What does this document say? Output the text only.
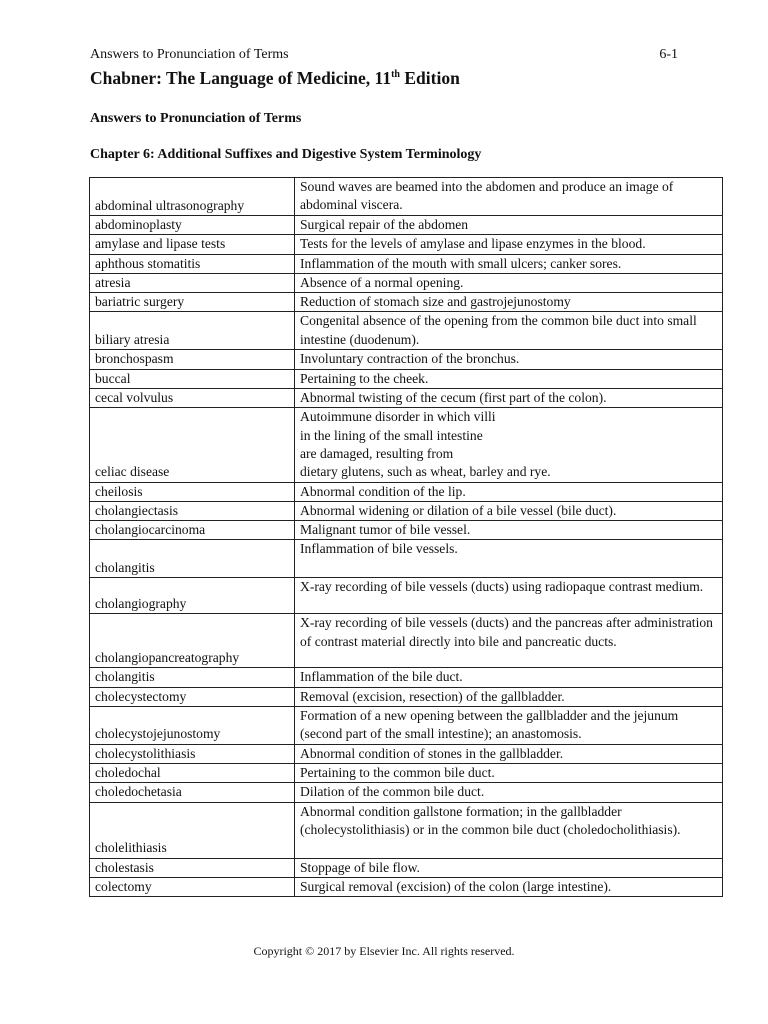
Answers to Pronunciation of Terms	6-1
Chabner: The Language of Medicine, 11th Edition
Answers to Pronunciation of Terms
Chapter 6: Additional Suffixes and Digestive System Terminology
abdominal ultrasonography	Sound waves are beamed into the abdomen and produce an image of abdominal viscera.
abdominoplasty	Surgical repair of the abdomen
amylase and lipase tests	Tests for the levels of amylase and lipase enzymes in the blood.
aphthous stomatitis	Inflammation of the mouth with small ulcers; canker sores.
atresia	Absence of a normal opening.
bariatric surgery	Reduction of stomach size and gastrojejunostomy
biliary atresia	Congenital absence of the opening from the common bile duct into small intestine (duodenum).
bronchospasm	Involuntary contraction of the bronchus.
buccal	Pertaining to the cheek.
cecal volvulus	Abnormal twisting of the cecum (first part of the colon).
celiac disease	Autoimmune disorder in which villi
in the lining of the small intestine
are damaged, resulting from
dietary glutens, such as wheat, barley and rye.
cheilosis	Abnormal condition of the lip.
cholangiectasis	Abnormal widening or dilation of a bile vessel (bile duct).
cholangiocarcinoma	Malignant tumor of bile vessel.
cholangitis	Inflammation of bile vessels.
cholangiography	X-ray recording of bile vessels (ducts) using radiopaque contrast medium.
cholangiopancreatography	X-ray recording of bile vessels (ducts) and the pancreas after administration of contrast material directly into bile and pancreatic ducts.
cholangitis	Inflammation of the bile duct.
cholecystectomy	Removal (excision, resection) of the gallbladder.
cholecystojejunostomy	Formation of a new opening between the gallbladder and the jejunum (second part of the small intestine); an anastomosis.
cholecystolithiasis	Abnormal condition of stones in the gallbladder.
choledochal	Pertaining to the common bile duct.
choledochetasia	Dilation of the common bile duct.
cholelithiasis	Abnormal condition gallstone formation; in the gallbladder (cholecystolithiasis) or in the common bile duct (choledocholithiasis).
cholestasis	Stoppage of bile flow.
colectomy	Surgical removal (excision) of the colon (large intestine).
Copyright © 2017 by Elsevier Inc. All rights reserved.
